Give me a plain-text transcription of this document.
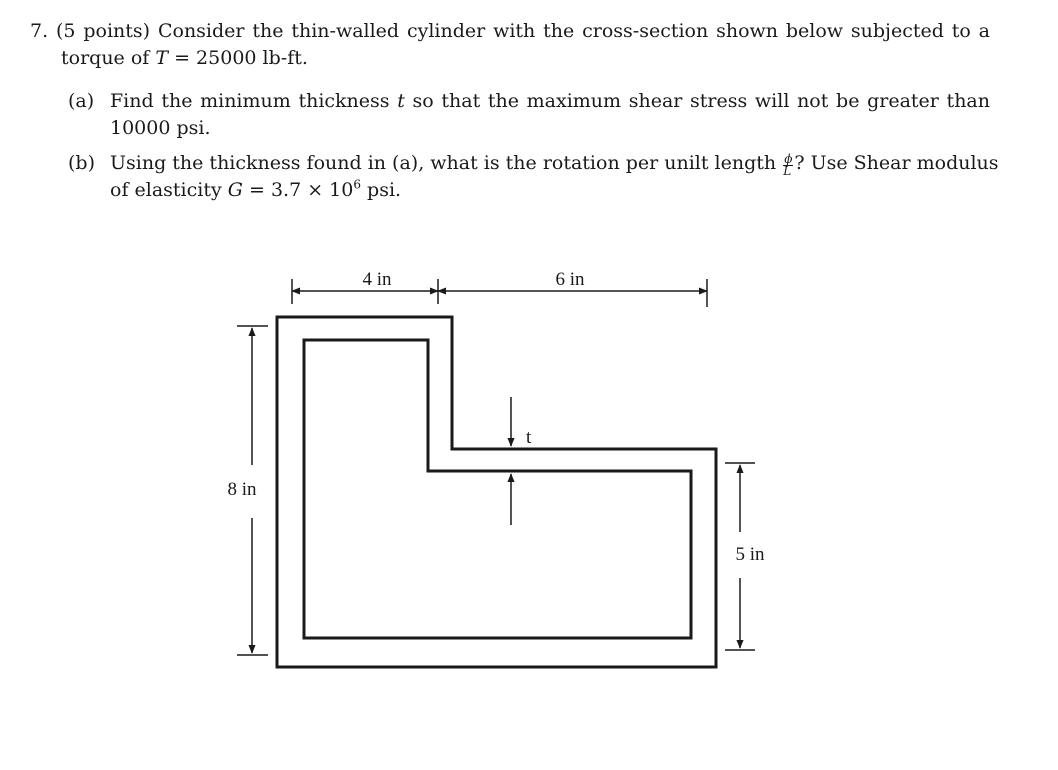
7. (5 points) Consider the thin-walled cylinder with the cross-section shown below subjected to a
torque of T = 25000 lb-ft.
(a) Find the minimum thickness t so that the maximum shear stress will not be greater than
10000 psi.
(b) Using the thickness found in (a), what is the rotation per unilt length $\frac{\phi}{L}$ ? Use Shear modulus
of elasticity $G = 3.7 \times 10^6$ psi.
4 in	6 in
8 in
5 in
t
